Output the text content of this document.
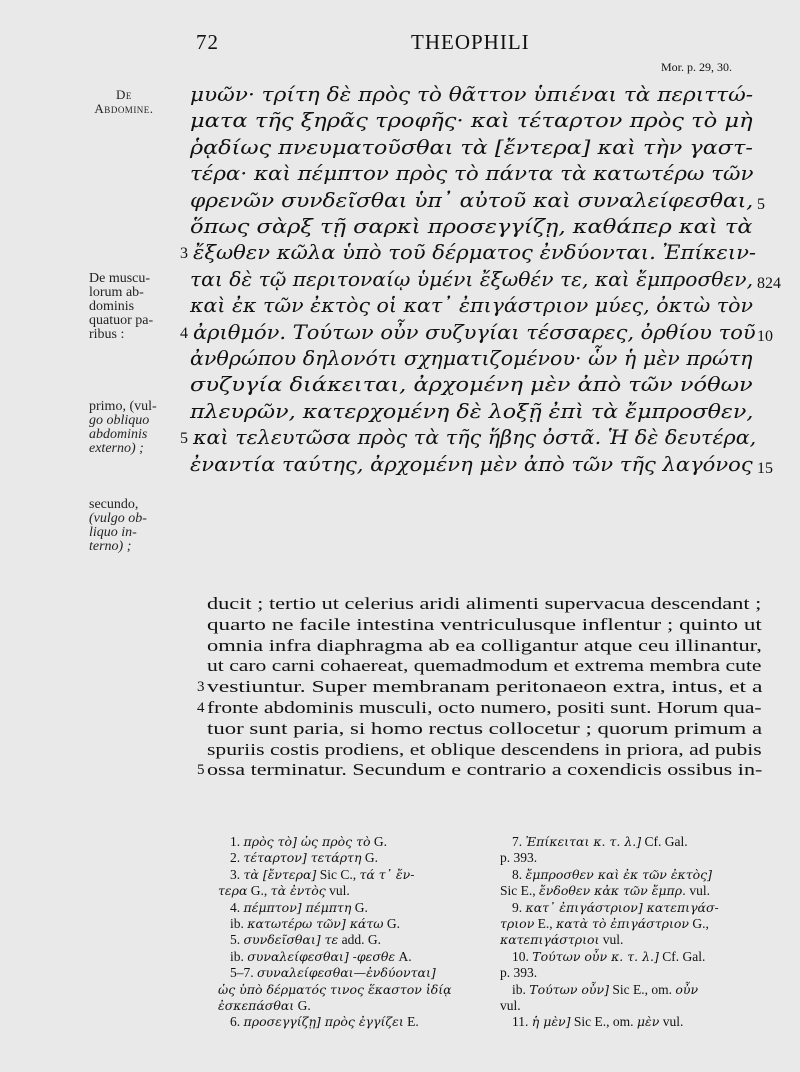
72	THEOPHILI
Mor. p. 29, 30.
De
Abdomine.
De muscu-
lorum ab-
dominis
quatuor pa-
ribus :
primo, (vul-
go obliquo
abdominis
externo) ;
secundo,
(vulgo ob-
liquo in-
terno) ;
μυῶν· τρίτη δὲ πρὸς τὸ θᾶττον ὑπιέναι τὰ περιττώ-
ματα τῆς ξηρᾶς τροφῆς· καὶ τέταρτον πρὸς τὸ μὴ
ῥᾳδίως πνευματοῦσθαι τὰ [ἔντερα] καὶ τὴν γαστ-
τέρα· καὶ πέμπτον πρὸς τὸ πάντα τὰ κατωτέρω τῶν
φρενῶν συνδεῖσθαι ὑπ᾽ αὐτοῦ καὶ συναλείφεσθαι, 5
ὅπως σὰρξ τῇ σαρκὶ προσεγγίζῃ, καθάπερ καὶ τὰ
ἔξωθεν κῶλα ὑπὸ τοῦ δέρματος ἐνδύονται. Ἐπίκειν-
3
ται δὲ τῷ περιτοναίῳ ὑμένι ἔξωθέν τε, καὶ ἔμπροσθεν, 824
καὶ ἐκ τῶν ἐκτὸς οἱ κατ᾽ ἐπιγάστριον μύες, ὀκτὼ τὸν
ἀριθμόν. Τούτων οὖν συζυγίαι τέσσαρες, ὀρθίου τοῦ
4	10
ἀνθρώπου δηλονότι σχηματιζομένου· ὧν ἡ μὲν πρώτη
συζυγία διάκειται, ἀρχομένη μὲν ἀπὸ τῶν νόθων
πλευρῶν, κατερχομένη δὲ λοξῇ ἐπὶ τὰ ἔμπροσθεν,
καὶ τελευτῶσα πρὸς τὰ τῆς ἥβης ὀστᾶ. Ἡ δὲ δευτέρα,
5
ἐναντία ταύτης, ἀρχομένη μὲν ἀπὸ τῶν τῆς λαγόνος 15
ducit ; tertio ut celerius aridi alimenti supervacua descendant ;
quarto ne facile intestina ventriculusque inflentur ; quinto ut
omnia infra diaphragma ab ea colligantur atque ceu illinantur,
ut caro carni cohaereat, quemadmodum et extrema membra cute
vestiuntur. Super membranam peritonaeon extra, intus, et a
3
fronte abdominis musculi, octo numero, positi sunt. Horum qua-
4
tuor sunt paria, si homo rectus collocetur ; quorum primum a
spuriis costis prodiens, et oblique descendens in priora, ad pubis
ossa terminatur. Secundum e contrario a coxendicis ossibus in-
5
1. πρὸς τὸ] ὡς πρὸς τὸ G.
2. τέταρτον] τετάρτη G.
3. τὰ [ἔντερα] Sic C., τά τ᾽ ἔν-
τερα G., τὰ ἐντὸς vul.
4. πέμπτον] πέμπτη G.
ib. κατωτέρω τῶν] κάτω G.
5. συνδεῖσθαι] τε add. G.
ib. συναλείφεσθαι] -φεσθε A.
5–7. συναλείφεσθαι—ἐνδύονται]
ὡς ὑπὸ δέρματός τινος ἕκαστον ἰδίᾳ
ἐσκεπάσθαι G.
6. προσεγγίζῃ] πρὸς ἐγγίζει E.
7. Ἐπίκειται κ. τ. λ.] Cf. Gal.
p. 393.
8. ἔμπροσθεν καὶ ἐκ τῶν ἐκτὸς]
Sic E., ἔνδοθεν κἀκ τῶν ἔμπρ. vul.
9. κατ᾽ ἐπιγάστριον] κατεπιγάσ-
τριον E., κατὰ τὸ ἐπιγάστριον G.,
κατεπιγάστριοι vul.
10. Τούτων οὖν κ. τ. λ.] Cf. Gal.
p. 393.
ib. Τούτων οὖν] Sic E., om. οὖν
vul.
11. ἡ μὲν] Sic E., om. μὲν vul.
